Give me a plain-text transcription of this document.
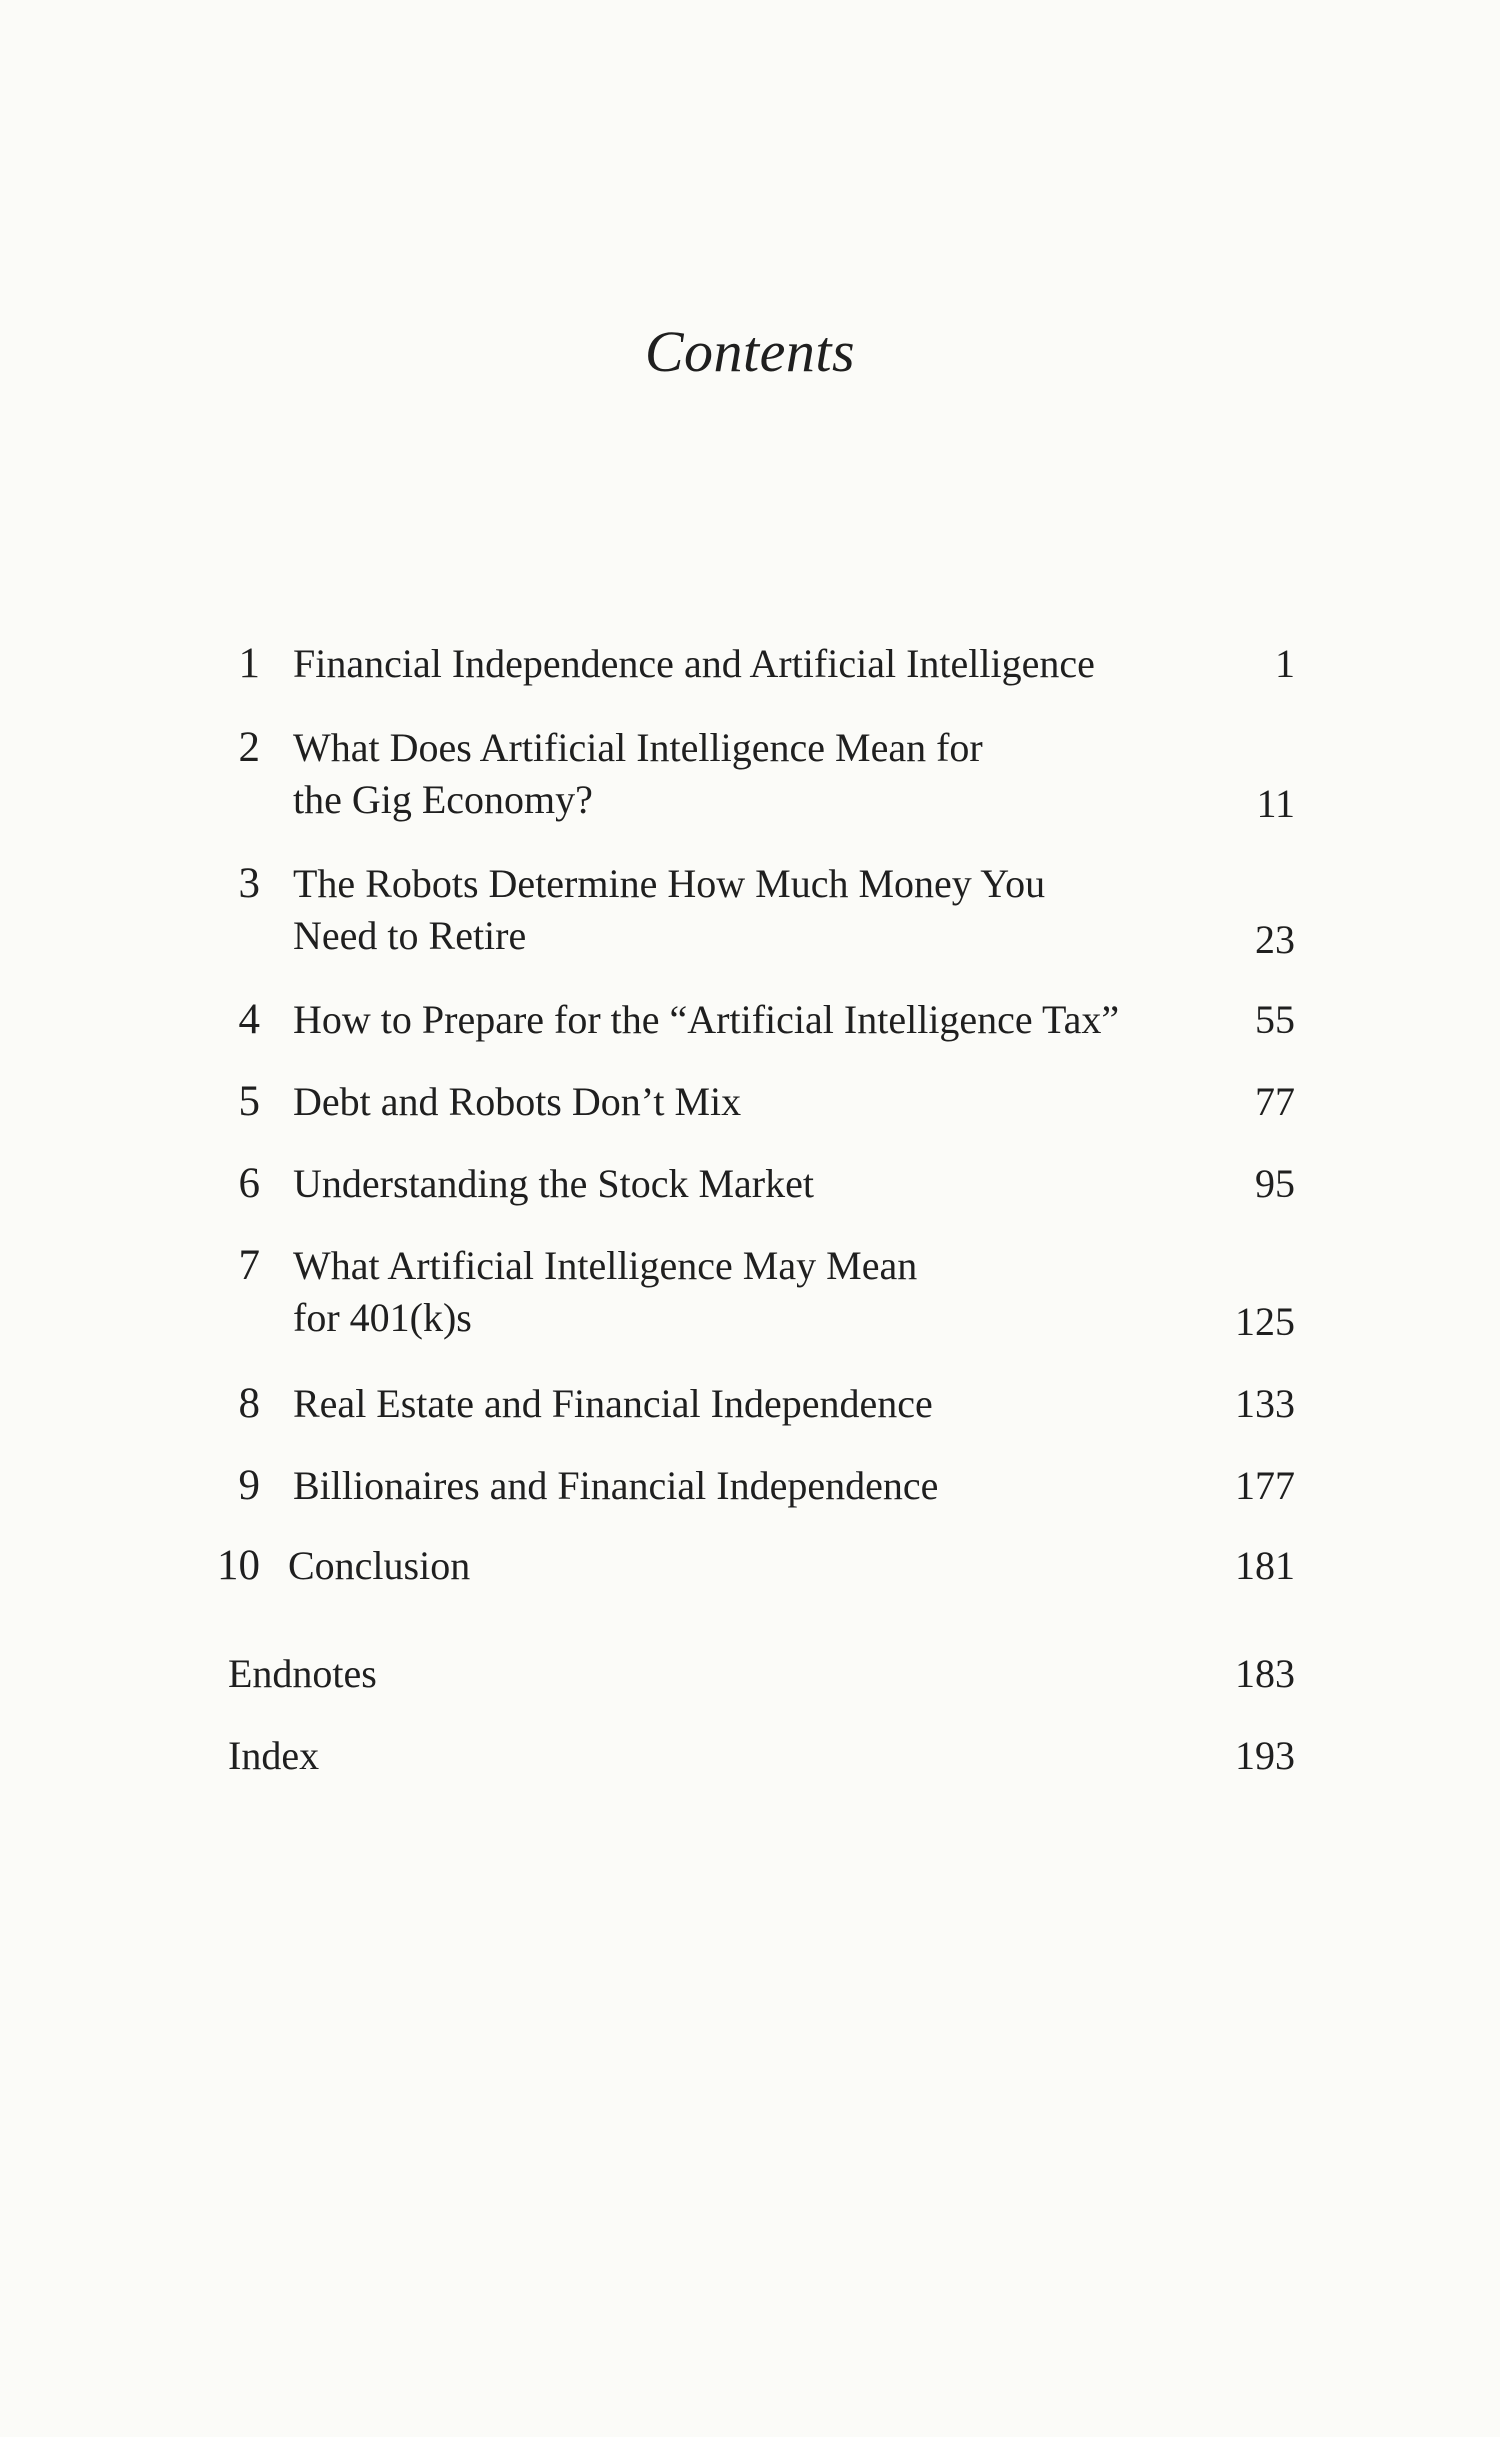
Contents
1 Financial Independence and Artificial Intelligence	1
2 What Does Artificial Intelligence Mean for
the Gig Economy?	11
3 The Robots Determine How Much Money You
Need to Retire	23
4 How to Prepare for the “Artificial Intelligence Tax”	55
5 Debt and Robots Don’t Mix	77
6 Understanding the Stock Market	95
7 What Artificial Intelligence May Mean
for 401(k)s	125
8 Real Estate and Financial Independence	133
9 Billionaires and Financial Independence	177
10 Conclusion	181
Endnotes	183
Index	193
